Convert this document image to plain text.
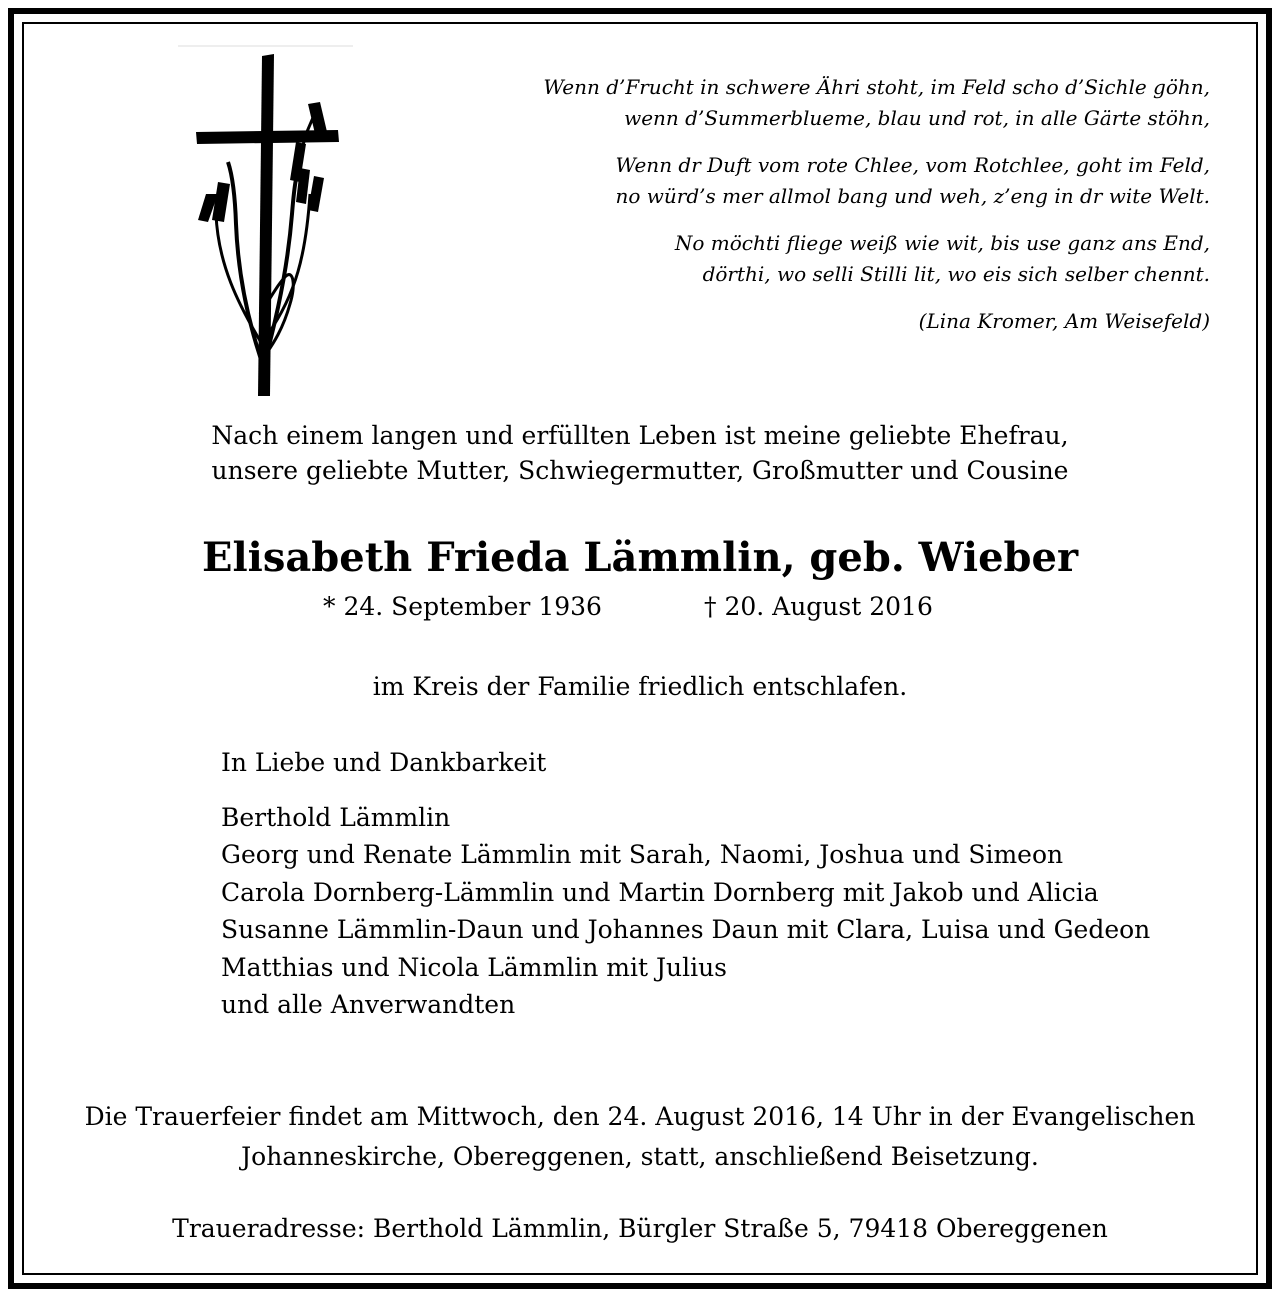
Wenn d’Frucht in schwere Ähri stoht, im Feld scho d’Sichle göhn,
wenn d’Summerblueme, blau und rot, in alle Gärte stöhn,
Wenn dr Duft vom rote Chlee, vom Rotchlee, goht im Feld,
no würd’s mer allmol bang und weh, z’eng in dr wite Welt.
No möchti fliege weiß wie wit, bis use ganz ans End,
dörthi, wo selli Stilli lit, wo eis sich selber chennt.
(Lina Kromer, Am Weisefeld)
Nach einem langen und erfüllten Leben ist meine geliebte Ehefrau,
unsere geliebte Mutter, Schwiegermutter, Großmutter und Cousine
Elisabeth Frieda Lämmlin, geb. Wieber
* 24. September 1936	† 20. August 2016
im Kreis der Familie friedlich entschlafen.
In Liebe und Dankbarkeit
Berthold Lämmlin
Georg und Renate Lämmlin mit Sarah, Naomi, Joshua und Simeon
Carola Dornberg-Lämmlin und Martin Dornberg mit Jakob und Alicia
Susanne Lämmlin-Daun und Johannes Daun mit Clara, Luisa und Gedeon
Matthias und Nicola Lämmlin mit Julius
und alle Anverwandten
Die Trauerfeier findet am Mittwoch, den 24. August 2016, 14 Uhr in der Evangelischen
Johanneskirche, Obereggenen, statt, anschließend Beisetzung.
Traueradresse: Berthold Lämmlin, Bürgler Straße 5, 79418 Obereggenen
